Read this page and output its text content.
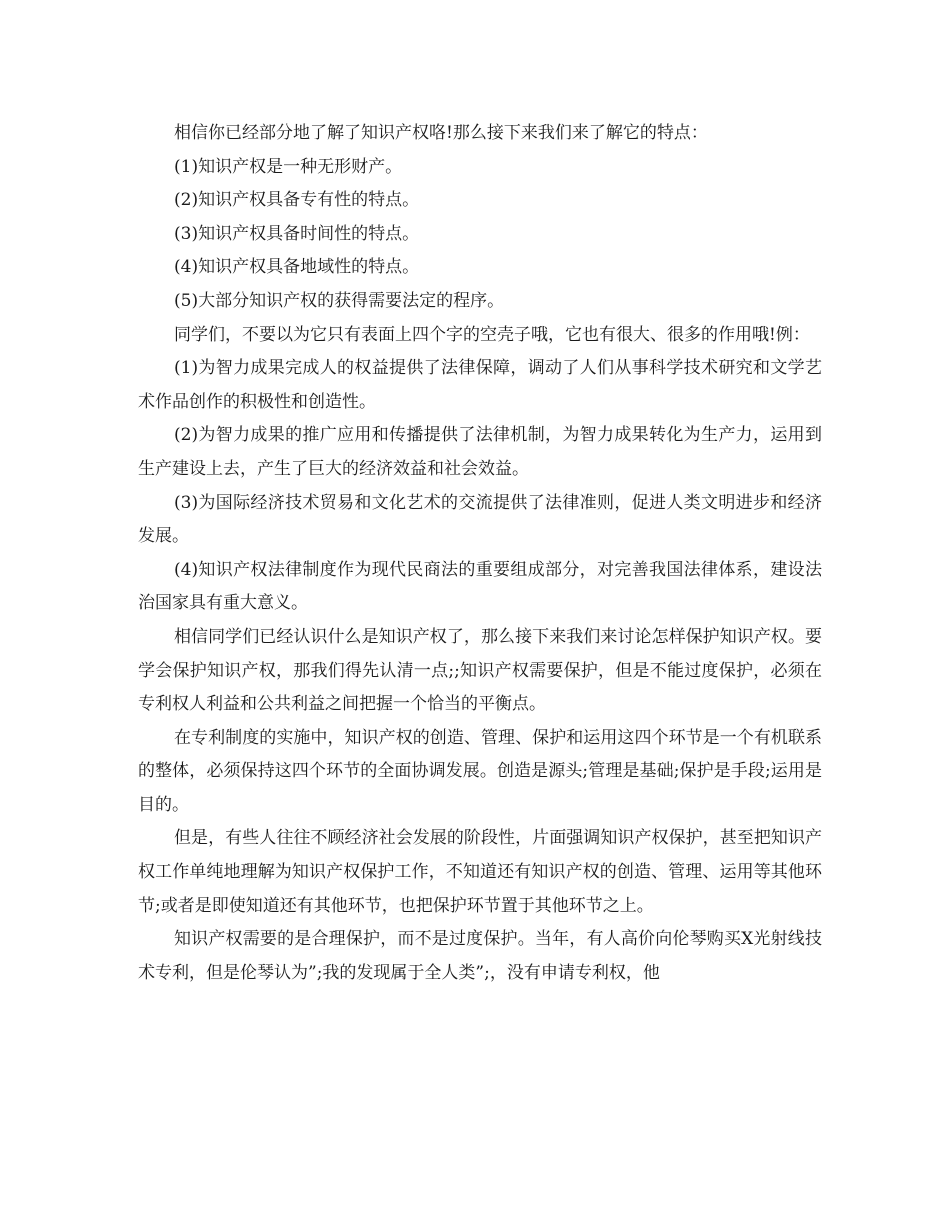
相信你已经部分地了解了知识产权咯!那么接下来我们来了解它的特点：

(1)知识产权是一种无形财产。

(2)知识产权具备专有性的特点。

(3)知识产权具备时间性的特点。

(4)知识产权具备地域性的特点。

(5)大部分知识产权的获得需要法定的程序。

同学们，不要以为它只有表面上四个字的空壳子哦，它也有很大、很多的作用哦!例：

(1)为智力成果完成人的权益提供了法律保障，调动了人们从事科学技术研究和文学艺术作品创作的积极性和创造性。

(2)为智力成果的推广应用和传播提供了法律机制，为智力成果转化为生产力，运用到生产建设上去，产生了巨大的经济效益和社会效益。

(3)为国际经济技术贸易和文化艺术的交流提供了法律准则，促进人类文明进步和经济发展。

(4)知识产权法律制度作为现代民商法的重要组成部分，对完善我国法律体系，建设法治国家具有重大意义。

相信同学们已经认识什么是知识产权了，那么接下来我们来讨论怎样保护知识产权。要学会保护知识产权，那我们得先认清一点;;知识产权需要保护，但是不能过度保护，必须在专利权人利益和公共利益之间把握一个恰当的平衡点。

在专利制度的实施中，知识产权的创造、管理、保护和运用这四个环节是一个有机联系的整体，必须保持这四个环节的全面协调发展。创造是源头;管理是基础;保护是手段;运用是目的。

但是，有些人往往不顾经济社会发展的阶段性，片面强调知识产权保护，甚至把知识产权工作单纯地理解为知识产权保护工作，不知道还有知识产权的创造、管理、运用等其他环节;或者是即使知道还有其他环节，也把保护环节置于其他环节之上。

知识产权需要的是合理保护，而不是过度保护。当年，有人高价向伦琴购买X光射线技术专利，但是伦琴认为”;我的发现属于全人类”;，没有申请专利权，他
